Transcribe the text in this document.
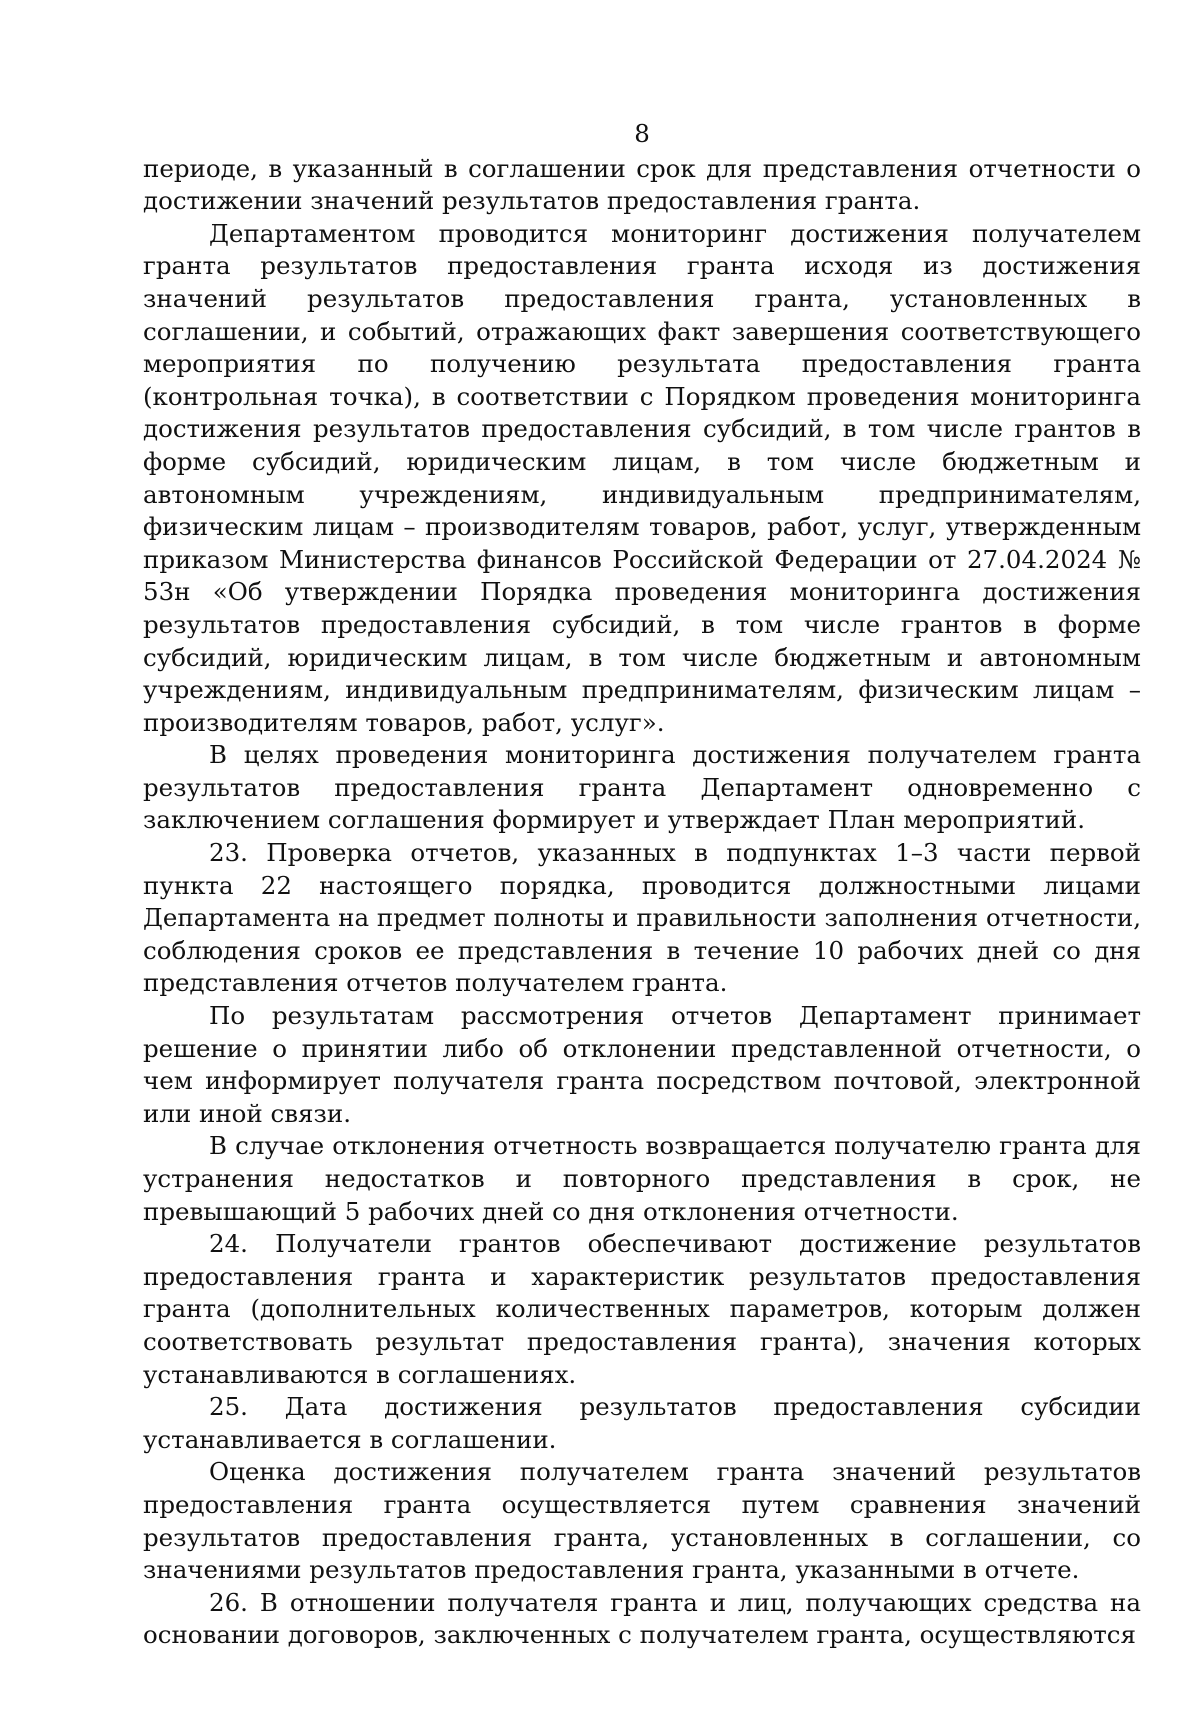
8

периоде, в указанный в соглашении срок для представления отчетности о достижении значений результатов предоставления гранта.

Департаментом проводится мониторинг достижения получателем гранта результатов предоставления гранта исходя из достижения значений результатов предоставления гранта, установленных в соглашении, и событий, отражающих факт завершения соответствующего мероприятия по получению результата предоставления гранта (контрольная точка), в соответствии с Порядком проведения мониторинга достижения результатов предоставления субсидий, в том числе грантов в форме субсидий, юридическим лицам, в том числе бюджетным и автономным учреждениям, индивидуальным предпринимателям, физическим лицам – производителям товаров, работ, услуг, утвержденным приказом Министерства финансов Российской Федерации от 27.04.2024 № 53н «Об утверждении Порядка проведения мониторинга достижения результатов предоставления субсидий, в том числе грантов в форме субсидий, юридическим лицам, в том числе бюджетным и автономным учреждениям, индивидуальным предпринимателям, физическим лицам – производителям товаров, работ, услуг».

В целях проведения мониторинга достижения получателем гранта результатов предоставления гранта Департамент одновременно с заключением соглашения формирует и утверждает План мероприятий.

23. Проверка отчетов, указанных в подпунктах 1–3 части первой пункта 22 настоящего порядка, проводится должностными лицами Департамента на предмет полноты и правильности заполнения отчетности, соблюдения сроков ее представления в течение 10 рабочих дней со дня представления отчетов получателем гранта.

По результатам рассмотрения отчетов Департамент принимает решение о принятии либо об отклонении представленной отчетности, о чем информирует получателя гранта посредством почтовой, электронной или иной связи.

В случае отклонения отчетность возвращается получателю гранта для устранения недостатков и повторного представления в срок, не превышающий 5 рабочих дней со дня отклонения отчетности.

24. Получатели грантов обеспечивают достижение результатов предоставления гранта и характеристик результатов предоставления гранта (дополнительных количественных параметров, которым должен соответствовать результат предоставления гранта), значения которых устанавливаются в соглашениях.

25. Дата достижения результатов предоставления субсидии устанавливается в соглашении.

Оценка достижения получателем гранта значений результатов предоставления гранта осуществляется путем сравнения значений результатов предоставления гранта, установленных в соглашении, со значениями результатов предоставления гранта, указанными в отчете.

26. В отношении получателя гранта и лиц, получающих средства на основании договоров, заключенных с получателем гранта, осуществляются
